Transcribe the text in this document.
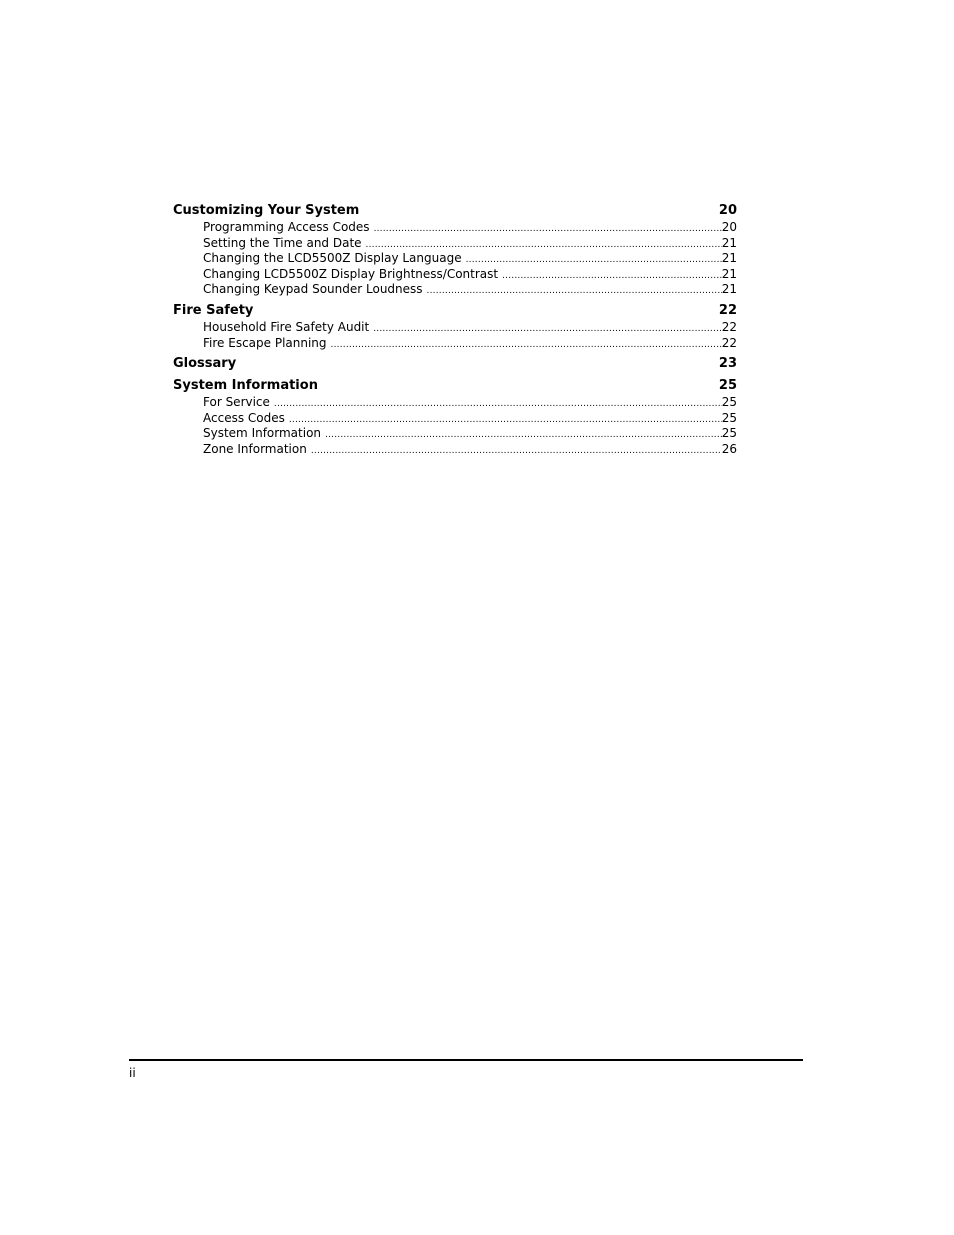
Customizing Your System	20
Programming Access Codes .....	20
Setting the Time and Date .....	21
Changing the LCD5500Z Display Language .....	21
Changing LCD5500Z Display Brightness/Contrast .....	21
Changing Keypad Sounder Loudness .....	21
Fire Safety	22
Household Fire Safety Audit .....	22
Fire Escape Planning .....	22
Glossary	23
System Information	25
For Service .....	25
Access Codes .....	25
System Information .....	25
Zone Information .....	26
ii
